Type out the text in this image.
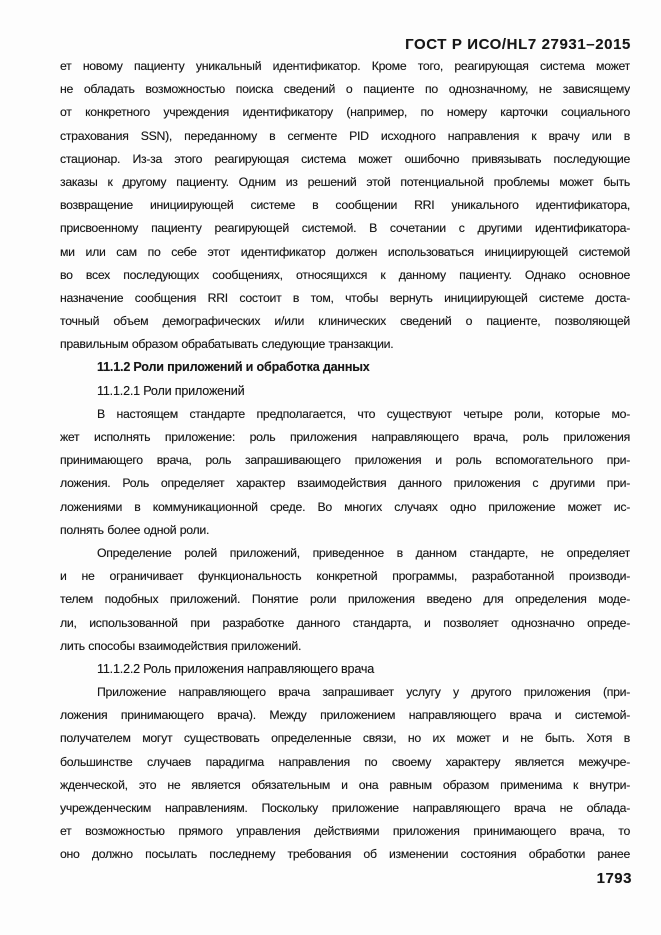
ГОСТ Р ИСО/HL7 27931–2015
ет новому пациенту уникальный идентификатор. Кроме того, реагирующая система может
не обладать возможностью поиска сведений о пациенте по однозначному, не зависящему
от конкретного учреждения идентификатору (например, по номеру карточки социального
страхования SSN), переданному в сегменте PID исходного направления к врачу или в
стационар. Из-за этого реагирующая система может ошибочно привязывать последующие
заказы к другому пациенту. Одним из решений этой потенциальной проблемы может быть
возвращение инициирующей системе в сообщении RRI уникального идентификатора,
присвоенному пациенту реагирующей системой. В сочетании с другими идентификатора-
ми или сам по себе этот идентификатор должен использоваться инициирующей системой
во всех последующих сообщениях, относящихся к данному пациенту. Однако основное
назначение сообщения RRI состоит в том, чтобы вернуть инициирующей системе доста-
точный объем демографических и/или клинических сведений о пациенте, позволяющей
правильным образом обрабатывать следующие транзакции.
11.1.2 Роли приложений и обработка данных
11.1.2.1 Роли приложений
В настоящем стандарте предполагается, что существуют четыре роли, которые мо-
жет исполнять приложение: роль приложения направляющего врача, роль приложения
принимающего врача, роль запрашивающего приложения и роль вспомогательного при-
ложения. Роль определяет характер взаимодействия данного приложения с другими при-
ложениями в коммуникационной среде. Во многих случаях одно приложение может ис-
полнять более одной роли.
Определение ролей приложений, приведенное в данном стандарте, не определяет
и не ограничивает функциональность конкретной программы, разработанной производи-
телем подобных приложений. Понятие роли приложения введено для определения моде-
ли, использованной при разработке данного стандарта, и позволяет однозначно опреде-
лить способы взаимодействия приложений.
11.1.2.2 Роль приложения направляющего врача
Приложение направляющего врача запрашивает услугу у другого приложения (при-
ложения принимающего врача). Между приложением направляющего врача и системой-
получателем могут существовать определенные связи, но их может и не быть. Хотя в
большинстве случаев парадигма направления по своему характеру является межучре-
жденческой, это не является обязательным и она равным образом применима к внутри-
учрежденческим направлениям. Поскольку приложение направляющего врача не облада-
ет возможностью прямого управления действиями приложения принимающего врача, то
оно должно посылать последнему требования об изменении состояния обработки ранее
1793
